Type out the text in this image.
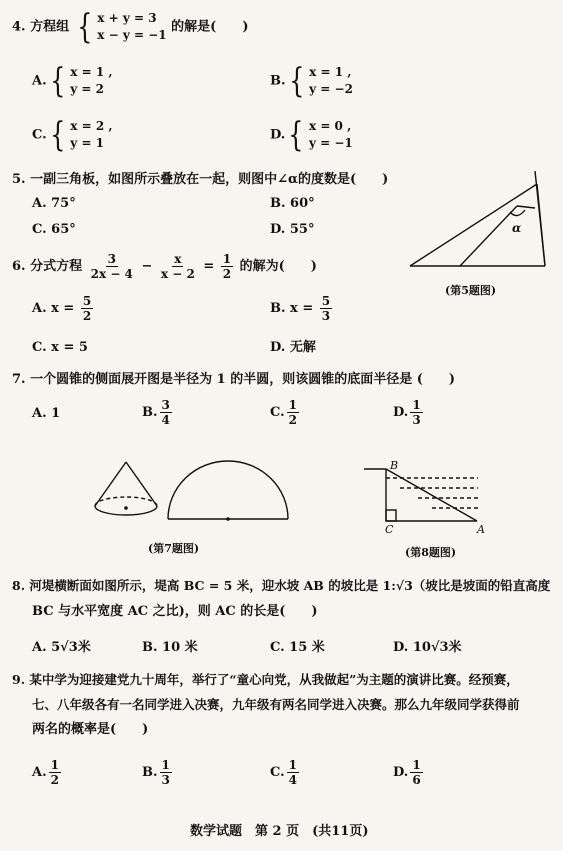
4. 方程组 { x + y = 3
x − y = −1
的解是(　　)
A. { x = 1 ,
y = 2
B. { x = 1 ,
y = −2
C. { x = 2 ,
y = 1
D. { x = 0 ,
y = −1
5. 一副三角板，如图所示叠放在一起，则图中∠α的度数是(　　)
A. 75°	B. 60°
C. 65°	D. 55°	α
(第5题图)
6. 分式方程 $\frac{3}{2x - 4} - \frac{x}{x - 2} = \frac{1}{2}$ 的解为(　　)
A. $x = \frac{5}{2}$	B. $x = \frac{5}{3}$
C. x = 5	D. 无解
7. 一个圆锥的侧面展开图是半径为 1 的半圆，则该圆锥的底面半径是 (　　)
A. 1	B. $\frac{3}{4}$	C. $\frac{1}{2}$	D. $\frac{1}{3}$
(第7题图)
B
C	A
(第8题图)
8. 河堤横断面如图所示，堤高 BC = 5 米，迎水坡 AB 的坡比是 1:√3（坡比是坡面的铅直高度
BC 与水平宽度 AC 之比)，则 AC 的长是(　　)
A. 5√3米	B. 10 米	C. 15 米	D. 10√3米
9. 某中学为迎接建党九十周年，举行了“童心向党，从我做起”为主题的演讲比赛。经预赛，
七、八年级各有一名同学进入决赛，九年级有两名同学进入决赛。那么九年级同学获得前
两名的概率是(　　)
A. $\frac{1}{2}$	B. $\frac{1}{3}$	C. $\frac{1}{4}$	D. $\frac{1}{6}$
数学试题　第 2 页　(共11页)
